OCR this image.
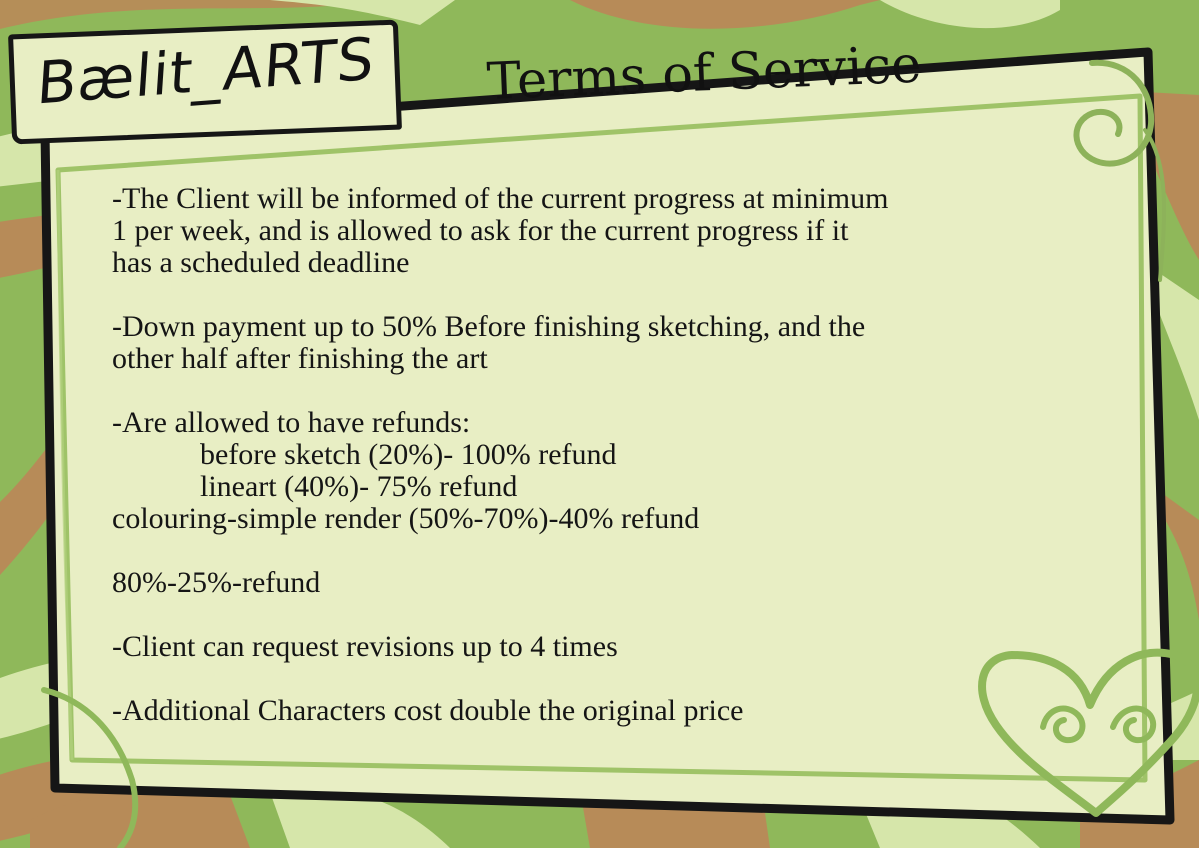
Bælit_ARTS Terms of Service
-The Client will be informed of the current progress at minimum
1 per week, and is allowed to ask for the current progress if it
has a scheduled deadline
-Down payment up to 50% Before finishing sketching, and the
other half after finishing the art
-Are allowed to have refunds:
before sketch (20%)- 100% refund
lineart (40%)- 75% refund
colouring-simple render (50%-70%)-40% refund
80%-25%-refund
-Client can request revisions up to 4 times
-Additional Characters cost double the original price
